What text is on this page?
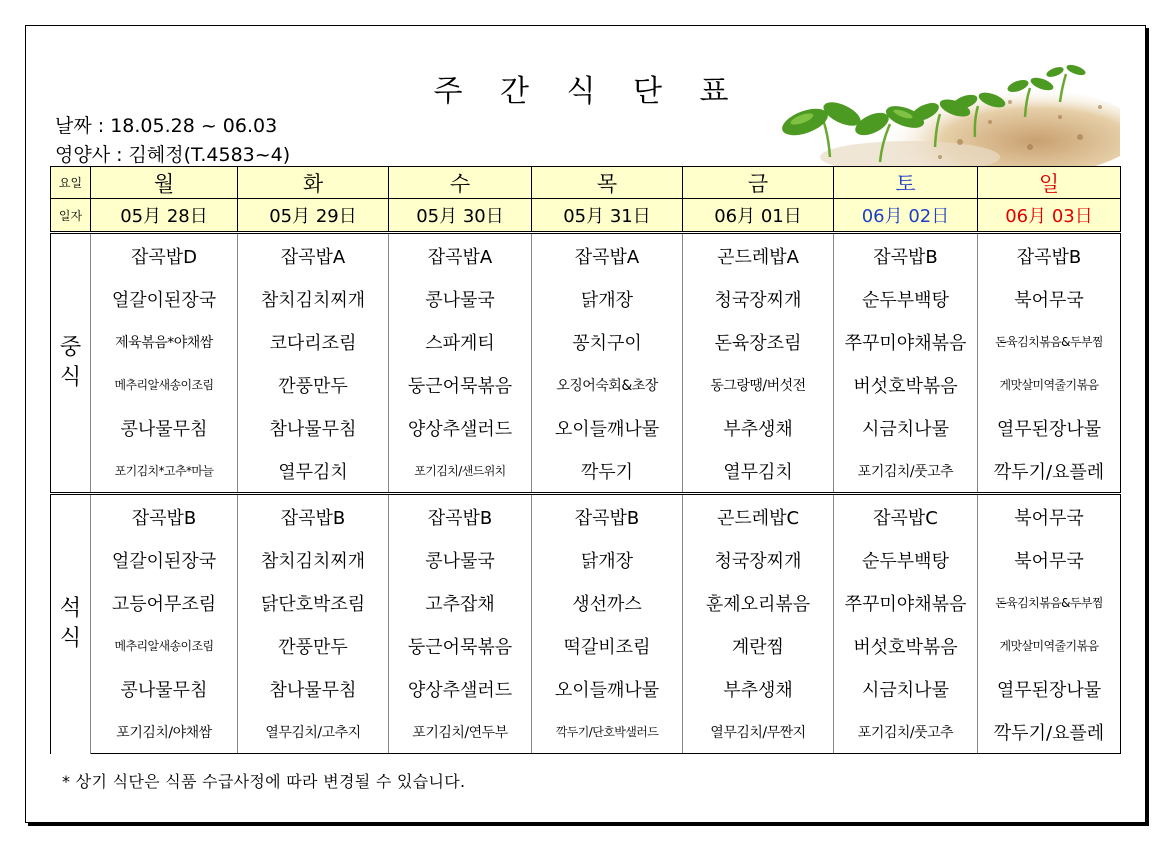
주 간 식 단 표
날짜 : 18.05.28 ~ 06.03
영양사 : 김혜정(T.4583~4)
요일	월	화	수	목	금	토	일
일자	05月 28日	05月 29日	05月 30日	05月 31日	06月 01日	06月 02日	06月 03日
중
식	잡곡밥D	잡곡밥A	잡곡밥A	잡곡밥A	곤드레밥A	잡곡밥B	잡곡밥B
	얼갈이된장국	참치김치찌개	콩나물국	닭개장	청국장찌개	순두부백탕	북어무국
	제육볶음*야채쌈	코다리조림	스파게티	꽁치구이	돈육장조림	쭈꾸미야채볶음	돈육김치볶음&두부찜
	메추리알새송이조림	깐풍만두	둥근어묵볶음	오징어숙회&초장	동그랑땡/버섯전	버섯호박볶음	게맛살미역줄기볶음
	콩나물무침	참나물무침	양상추샐러드	오이들깨나물	부추생채	시금치나물	열무된장나물
	포기김치*고추*마늘	열무김치	포기김치/샌드위치	깍두기	열무김치	포기김치/풋고추	깍두기/요플레
석
식	잡곡밥B	잡곡밥B	잡곡밥B	잡곡밥B	곤드레밥C	잡곡밥C	북어무국
	얼갈이된장국	참치김치찌개	콩나물국	닭개장	청국장찌개	순두부백탕	북어무국
	고등어무조림	닭단호박조림	고추잡채	생선까스	훈제오리볶음	쭈꾸미야채볶음	돈육김치볶음&두부찜
	메추리알새송이조림	깐풍만두	둥근어묵볶음	떡갈비조림	계란찜	버섯호박볶음	게맛살미역줄기볶음
	콩나물무침	참나물무침	양상추샐러드	오이들깨나물	부추생채	시금치나물	열무된장나물
	포기김치/야채쌈	열무김치/고추지	포기김치/연두부	깍두기/단호박샐러드	열무김치/무짠지	포기김치/풋고추	깍두기/요플레
* 상기 식단은 식품 수급사정에 따라 변경될 수 있습니다.
